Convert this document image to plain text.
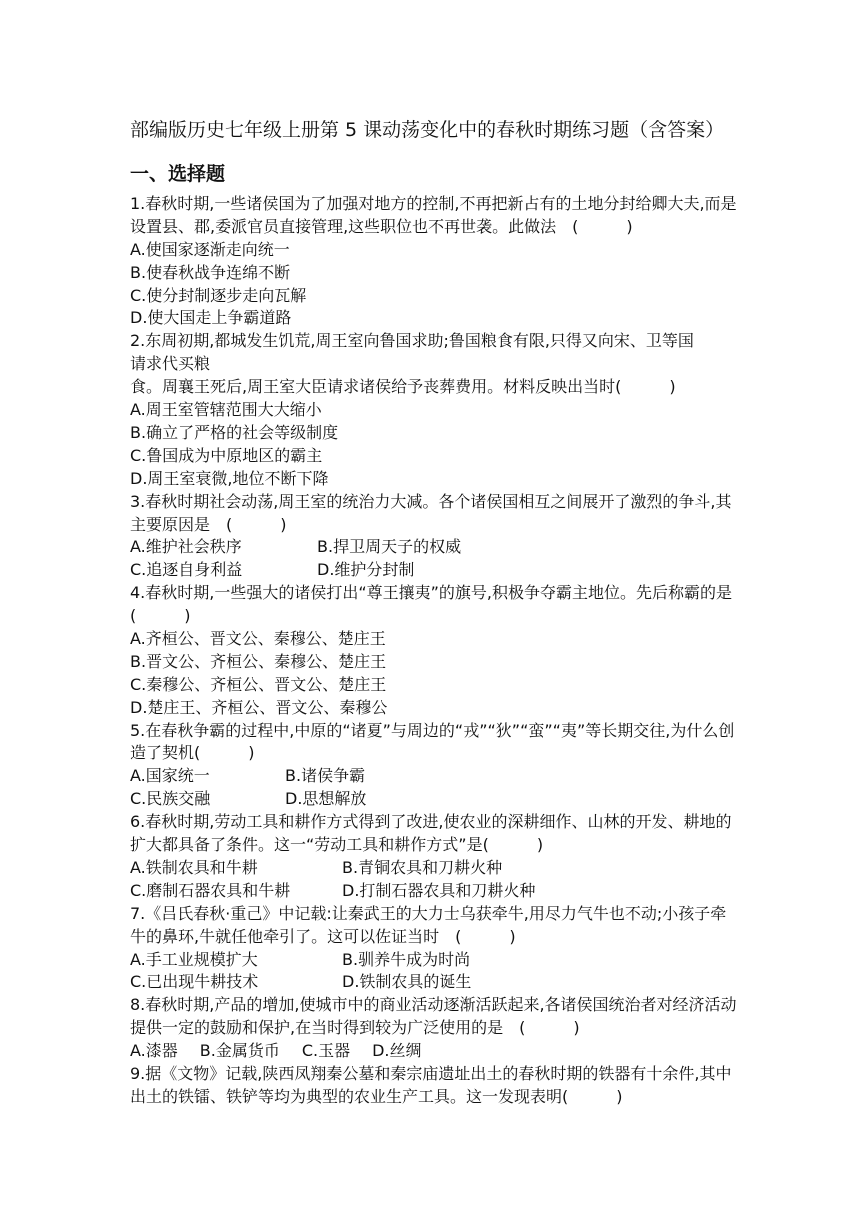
部编版历史七年级上册第 5 课动荡变化中的春秋时期练习题（含答案）
一、选择题
1.春秋时期,一些诸侯国为了加强对地方的控制,不再把新占有的土地分封给卿大夫,而是设置县、郡,委派官员直接管理,这些职位也不再世袭。此做法　(　　　)
A.使国家逐渐走向统一
B.使春秋战争连绵不断
C.使分封制逐步走向瓦解
D.使大国走上争霸道路
2.东周初期,都城发生饥荒,周王室向鲁国求助;鲁国粮食有限,只得又向宋、卫等国
请求代买粮
食。周襄王死后,周王室大臣请求诸侯给予丧葬费用。材料反映出当时(　　　)
A.周王室管辖范围大大缩小
B.确立了严格的社会等级制度
C.鲁国成为中原地区的霸主
D.周王室衰微,地位不断下降
3.春秋时期社会动荡,周王室的统治力大减。各个诸侯国相互之间展开了激烈的争斗,其主要原因是　(　　　)
A.维护社会秩序	B.捍卫周天子的权威
C.追逐自身利益	D.维护分封制
4.春秋时期,一些强大的诸侯打出“尊王攘夷”的旗号,积极争夺霸主地位。先后称霸的是(　　　)
A.齐桓公、晋文公、秦穆公、楚庄王
B.晋文公、齐桓公、秦穆公、楚庄王
C.秦穆公、齐桓公、晋文公、楚庄王
D.楚庄王、齐桓公、晋文公、秦穆公
5.在春秋争霸的过程中,中原的“诸夏”与周边的“戎”“狄”“蛮”“夷”等长期交往,为什么创造了契机(　　　)
A.国家统一	B.诸侯争霸
C.民族交融	D.思想解放
6.春秋时期,劳动工具和耕作方式得到了改进,使农业的深耕细作、山林的开发、耕地的扩大都具备了条件。这一“劳动工具和耕作方式”是(　　　)
A.铁制农具和牛耕	B.青铜农具和刀耕火种
C.磨制石器农具和牛耕	D.打制石器农具和刀耕火种
7.《吕氏春秋·重己》中记载:让秦武王的大力士乌获牵牛,用尽力气牛也不动;小孩子牵牛的鼻环,牛就任他牵引了。这可以佐证当时　(　　　)
A.手工业规模扩大	B.驯养牛成为时尚
C.已出现牛耕技术	D.铁制农具的诞生
8.春秋时期,产品的增加,使城市中的商业活动逐渐活跃起来,各诸侯国统治者对经济活动提供一定的鼓励和保护,在当时得到较为广泛使用的是　(　　　)
A.漆器 B.金属货币 C.玉器 D.丝绸
9.据《文物》记载,陕西凤翔秦公墓和秦宗庙遗址出土的春秋时期的铁器有十余件,其中出土的铁镭、铁铲等均为典型的农业生产工具。这一发现表明(　　　)
